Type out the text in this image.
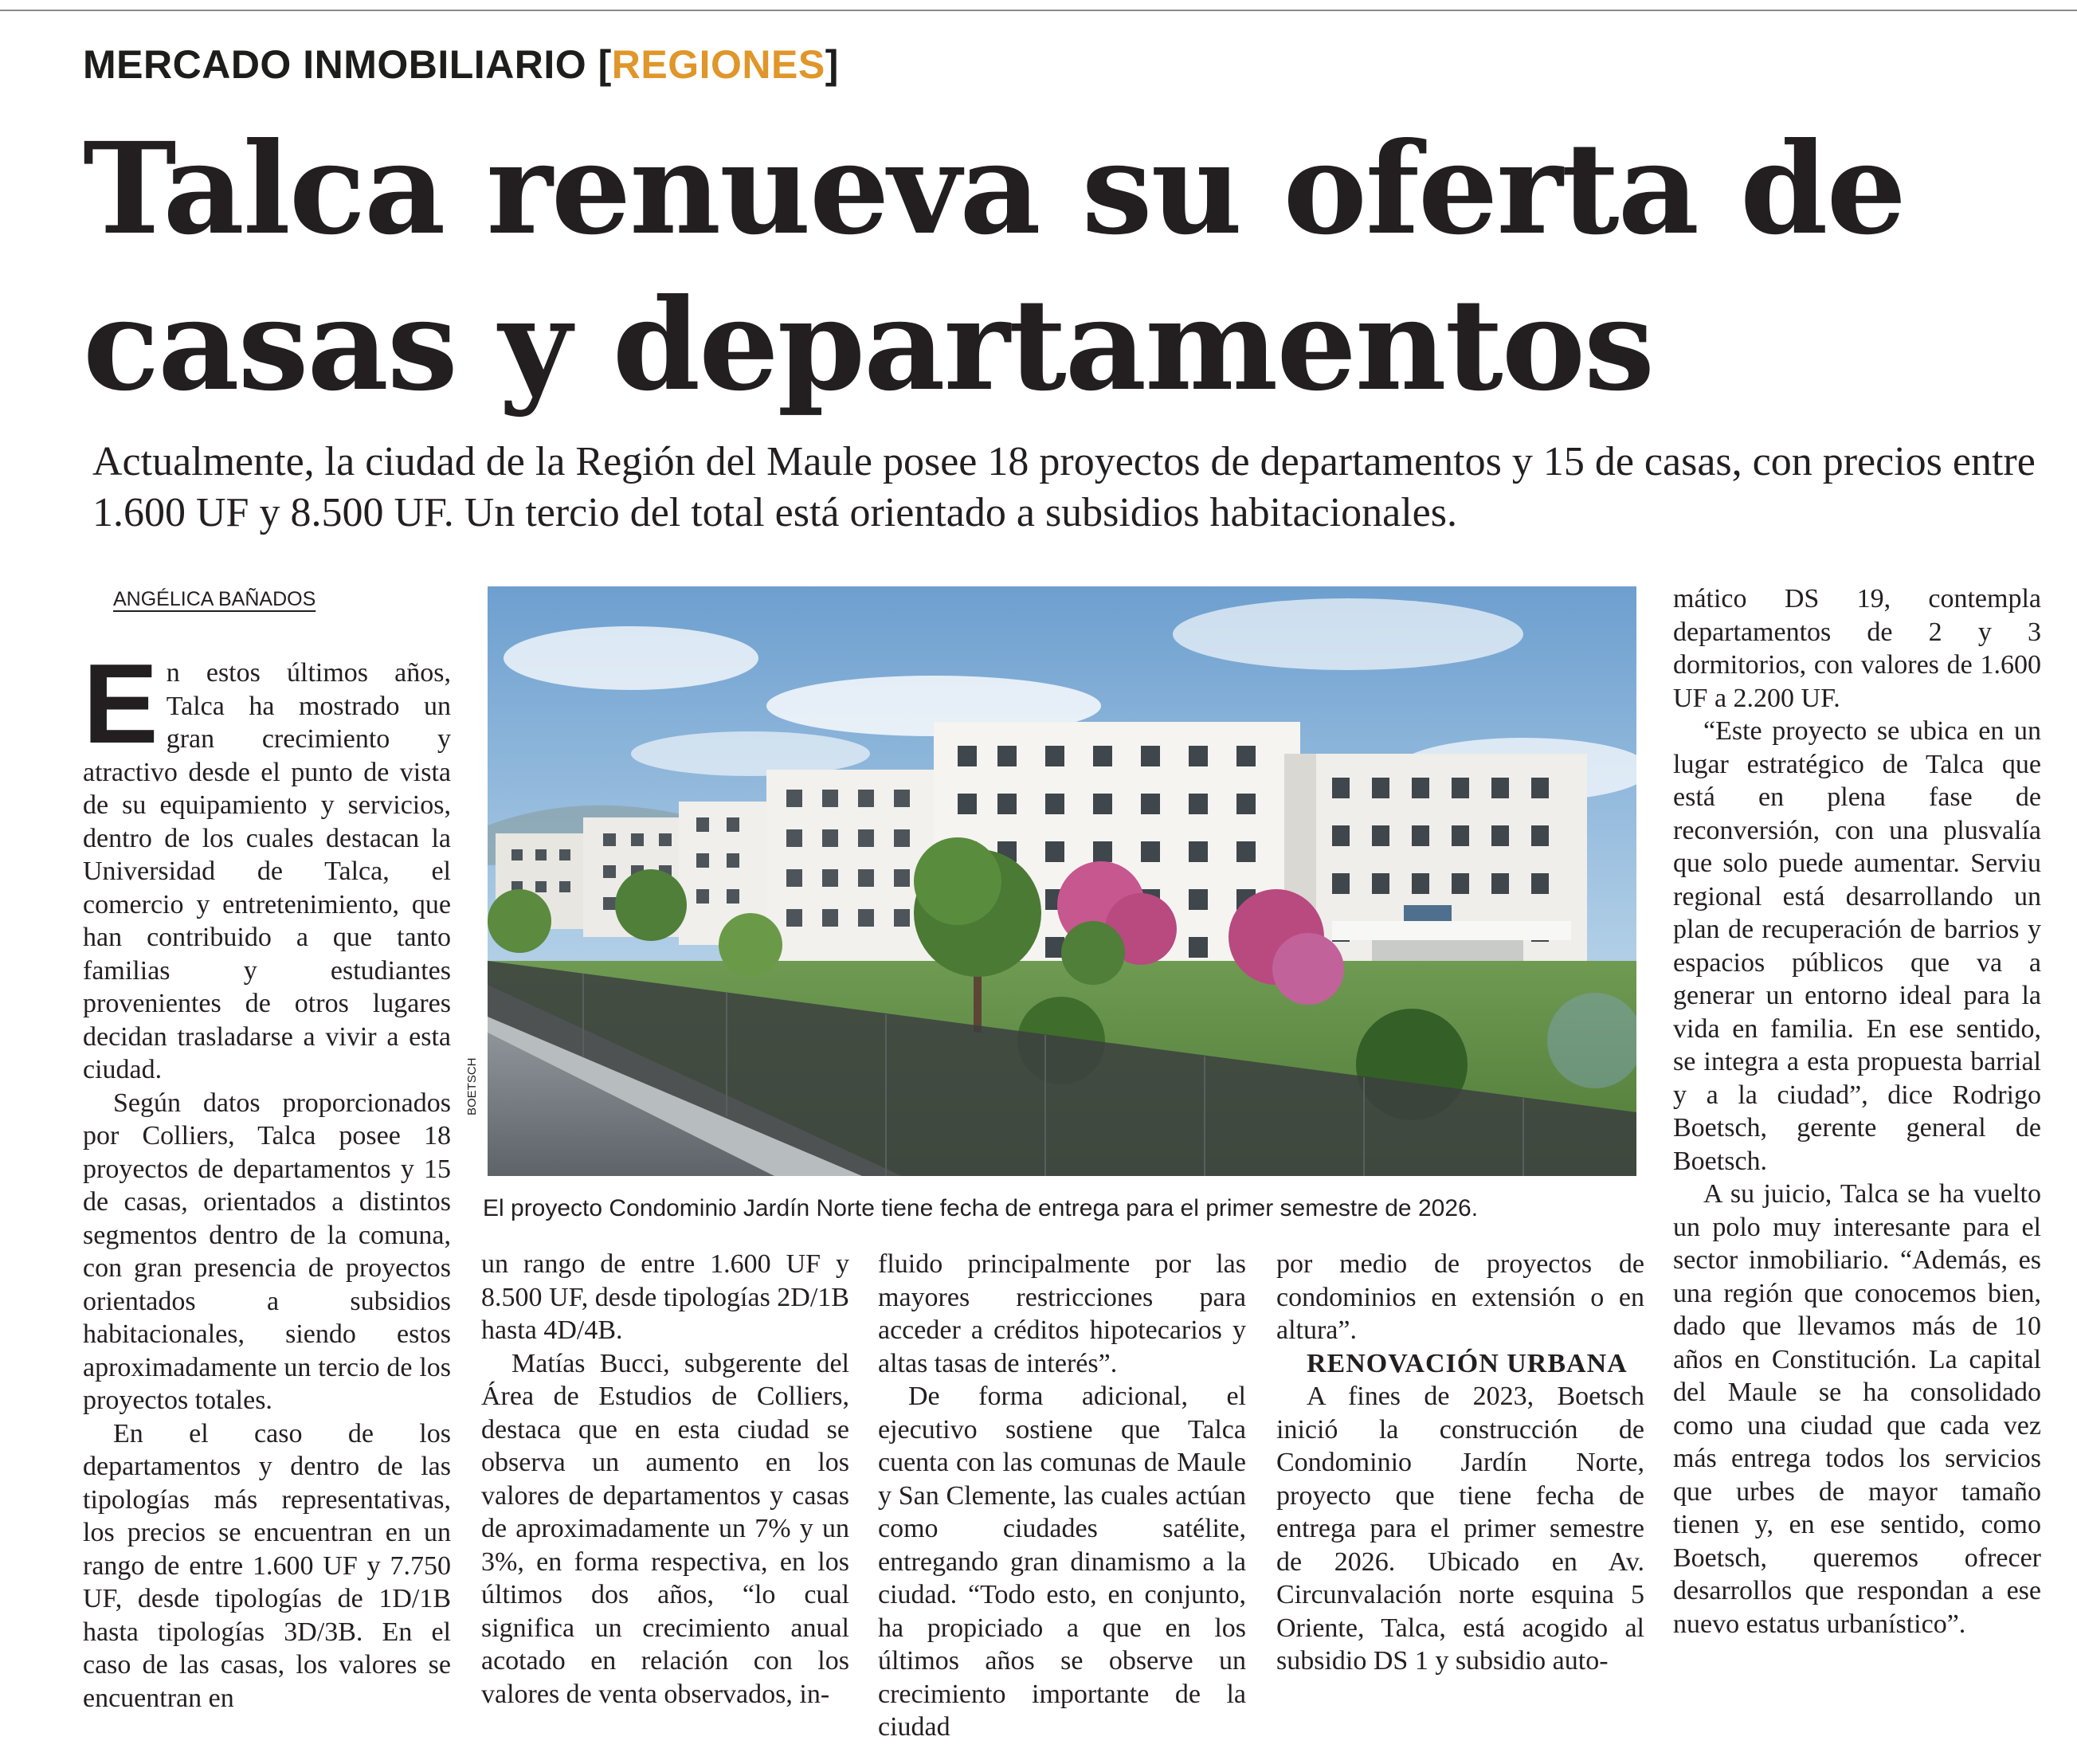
MERCADO INMOBILIARIO [REGIONES]
Talca renueva su oferta de casas y departamentos

Actualmente, la ciudad de la Región del Maule posee 18 proyectos de departamentos y 15 de casas, con precios entre 1.600 UF y 8.500 UF. Un tercio del total está orientado a subsidios habitacionales.

ANGÉLICA BAÑADOS

En estos últimos años, Talca ha mostrado un gran crecimiento y atractivo desde el punto de vista de su equipamiento y servicios, dentro de los cuales destacan la Universidad de Talca, el comercio y entretenimiento, que han contribuido a que tanto familias y estudiantes provenientes de otros lugares decidan trasladarse a vivir a esta ciudad.

Según datos proporcionados por Colliers, Talca posee 18 proyectos de departamentos y 15 de casas, orientados a distintos segmentos dentro de la comuna, con gran presencia de proyectos orientados a subsidios habitacionales, siendo estos aproximadamente un tercio de los proyectos totales.

En el caso de los departamentos y dentro de las tipologías más representativas, los precios se encuentran en un rango de entre 1.600 UF y 7.750 UF, desde tipologías de 1D/1B hasta tipologías 3D/3B. En el caso de las casas, los valores se encuentran en

BOETSCH
El proyecto Condominio Jardín Norte tiene fecha de entrega para el primer semestre de 2026.

un rango de entre 1.600 UF y 8.500 UF, desde tipologías 2D/1B hasta 4D/4B.

Matías Bucci, subgerente del Área de Estudios de Colliers, destaca que en esta ciudad se observa un aumento en los valores de departamentos y casas de aproximadamente un 7% y un 3%, en forma respectiva, en los últimos dos años, “lo cual significa un crecimiento anual acotado en relación con los valores de venta observados, in-

fluido principalmente por las mayores restricciones para acceder a créditos hipotecarios y altas tasas de interés”.

De forma adicional, el ejecutivo sostiene que Talca cuenta con las comunas de Maule y San Clemente, las cuales actúan como ciudades satélite, entregando gran dinamismo a la ciudad. “Todo esto, en conjunto, ha propiciado a que en los últimos años se observe un crecimiento importante de la ciudad

por medio de proyectos de condominios en extensión o en altura”.

RENOVACIÓN URBANA

A fines de 2023, Boetsch inició la construcción de Condominio Jardín Norte, proyecto que tiene fecha de entrega para el primer semestre de 2026. Ubicado en Av. Circunvalación norte esquina 5 Oriente, Talca, está acogido al subsidio DS 1 y subsidio auto-

mático DS 19, contempla departamentos de 2 y 3 dormitorios, con valores de 1.600 UF a 2.200 UF.

“Este proyecto se ubica en un lugar estratégico de Talca que está en plena fase de reconversión, con una plusvalía que solo puede aumentar. Serviu regional está desarrollando un plan de recuperación de barrios y espacios públicos que va a generar un entorno ideal para la vida en familia. En ese sentido, se integra a esta propuesta barrial y a la ciudad”, dice Rodrigo Boetsch, gerente general de Boetsch.

A su juicio, Talca se ha vuelto un polo muy interesante para el sector inmobiliario. “Además, es una región que conocemos bien, dado que llevamos más de 10 años en Constitución. La capital del Maule se ha consolidado como una ciudad que cada vez más entrega todos los servicios que urbes de mayor tamaño tienen y, en ese sentido, como Boetsch, queremos ofrecer desarrollos que respondan a ese nuevo estatus urbanístico”.
